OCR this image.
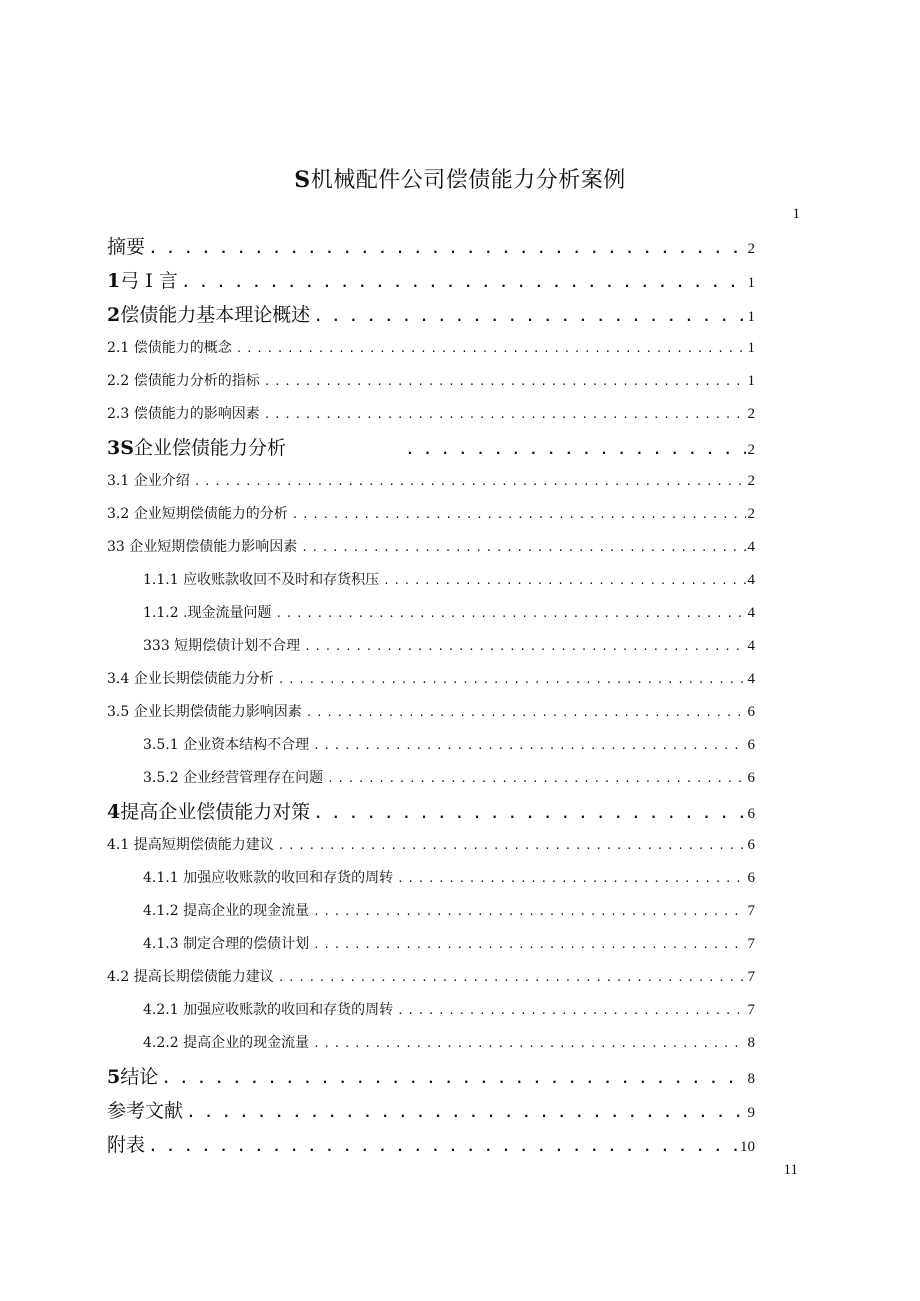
S机械配件公司偿债能力分析案例
1
摘要 . . .	2
1弓 I 言 . . .	1
2偿债能力基本理论概述 . . .	1
2.1 偿债能力的概念 . . .	1
2.2 偿债能力分析的指标 . . .	1
2.3 偿债能力的影响因素 . . .	2
3S企业偿债能力分析 . . .	2
3.1 企业介绍 . . .	2
3.2 企业短期偿债能力的分析 . . .	2
33 企业短期偿债能力影响因素 . . .	4
1.1.1 应收账款收回不及时和存货积压 . . .	4
1.1.2 .现金流量问题 . . .	4
333 短期偿债计划不合理 . . .	4
3.4 企业长期偿债能力分析 . . .	4
3.5 企业长期偿债能力影响因素 . . .	6
3.5.1 企业资本结构不合理 . . .	6
3.5.2 企业经营管理存在问题 . . .	6
4提高企业偿债能力对策 . . .	6
4.1 提高短期偿债能力建议 . . .	6
4.1.1 加强应收账款的收回和存货的周转 . . .	6
4.1.2 提高企业的现金流量 . . .	7
4.1.3 制定合理的偿债计划 . . .	7
4.2 提高长期偿债能力建议 . . .	7
4.2.1 加强应收账款的收回和存货的周转 . . .	7
4.2.2 提高企业的现金流量 . . .	8
5结论 . . .	8
参考文献 . . .	9
附表 . . .	10
11
